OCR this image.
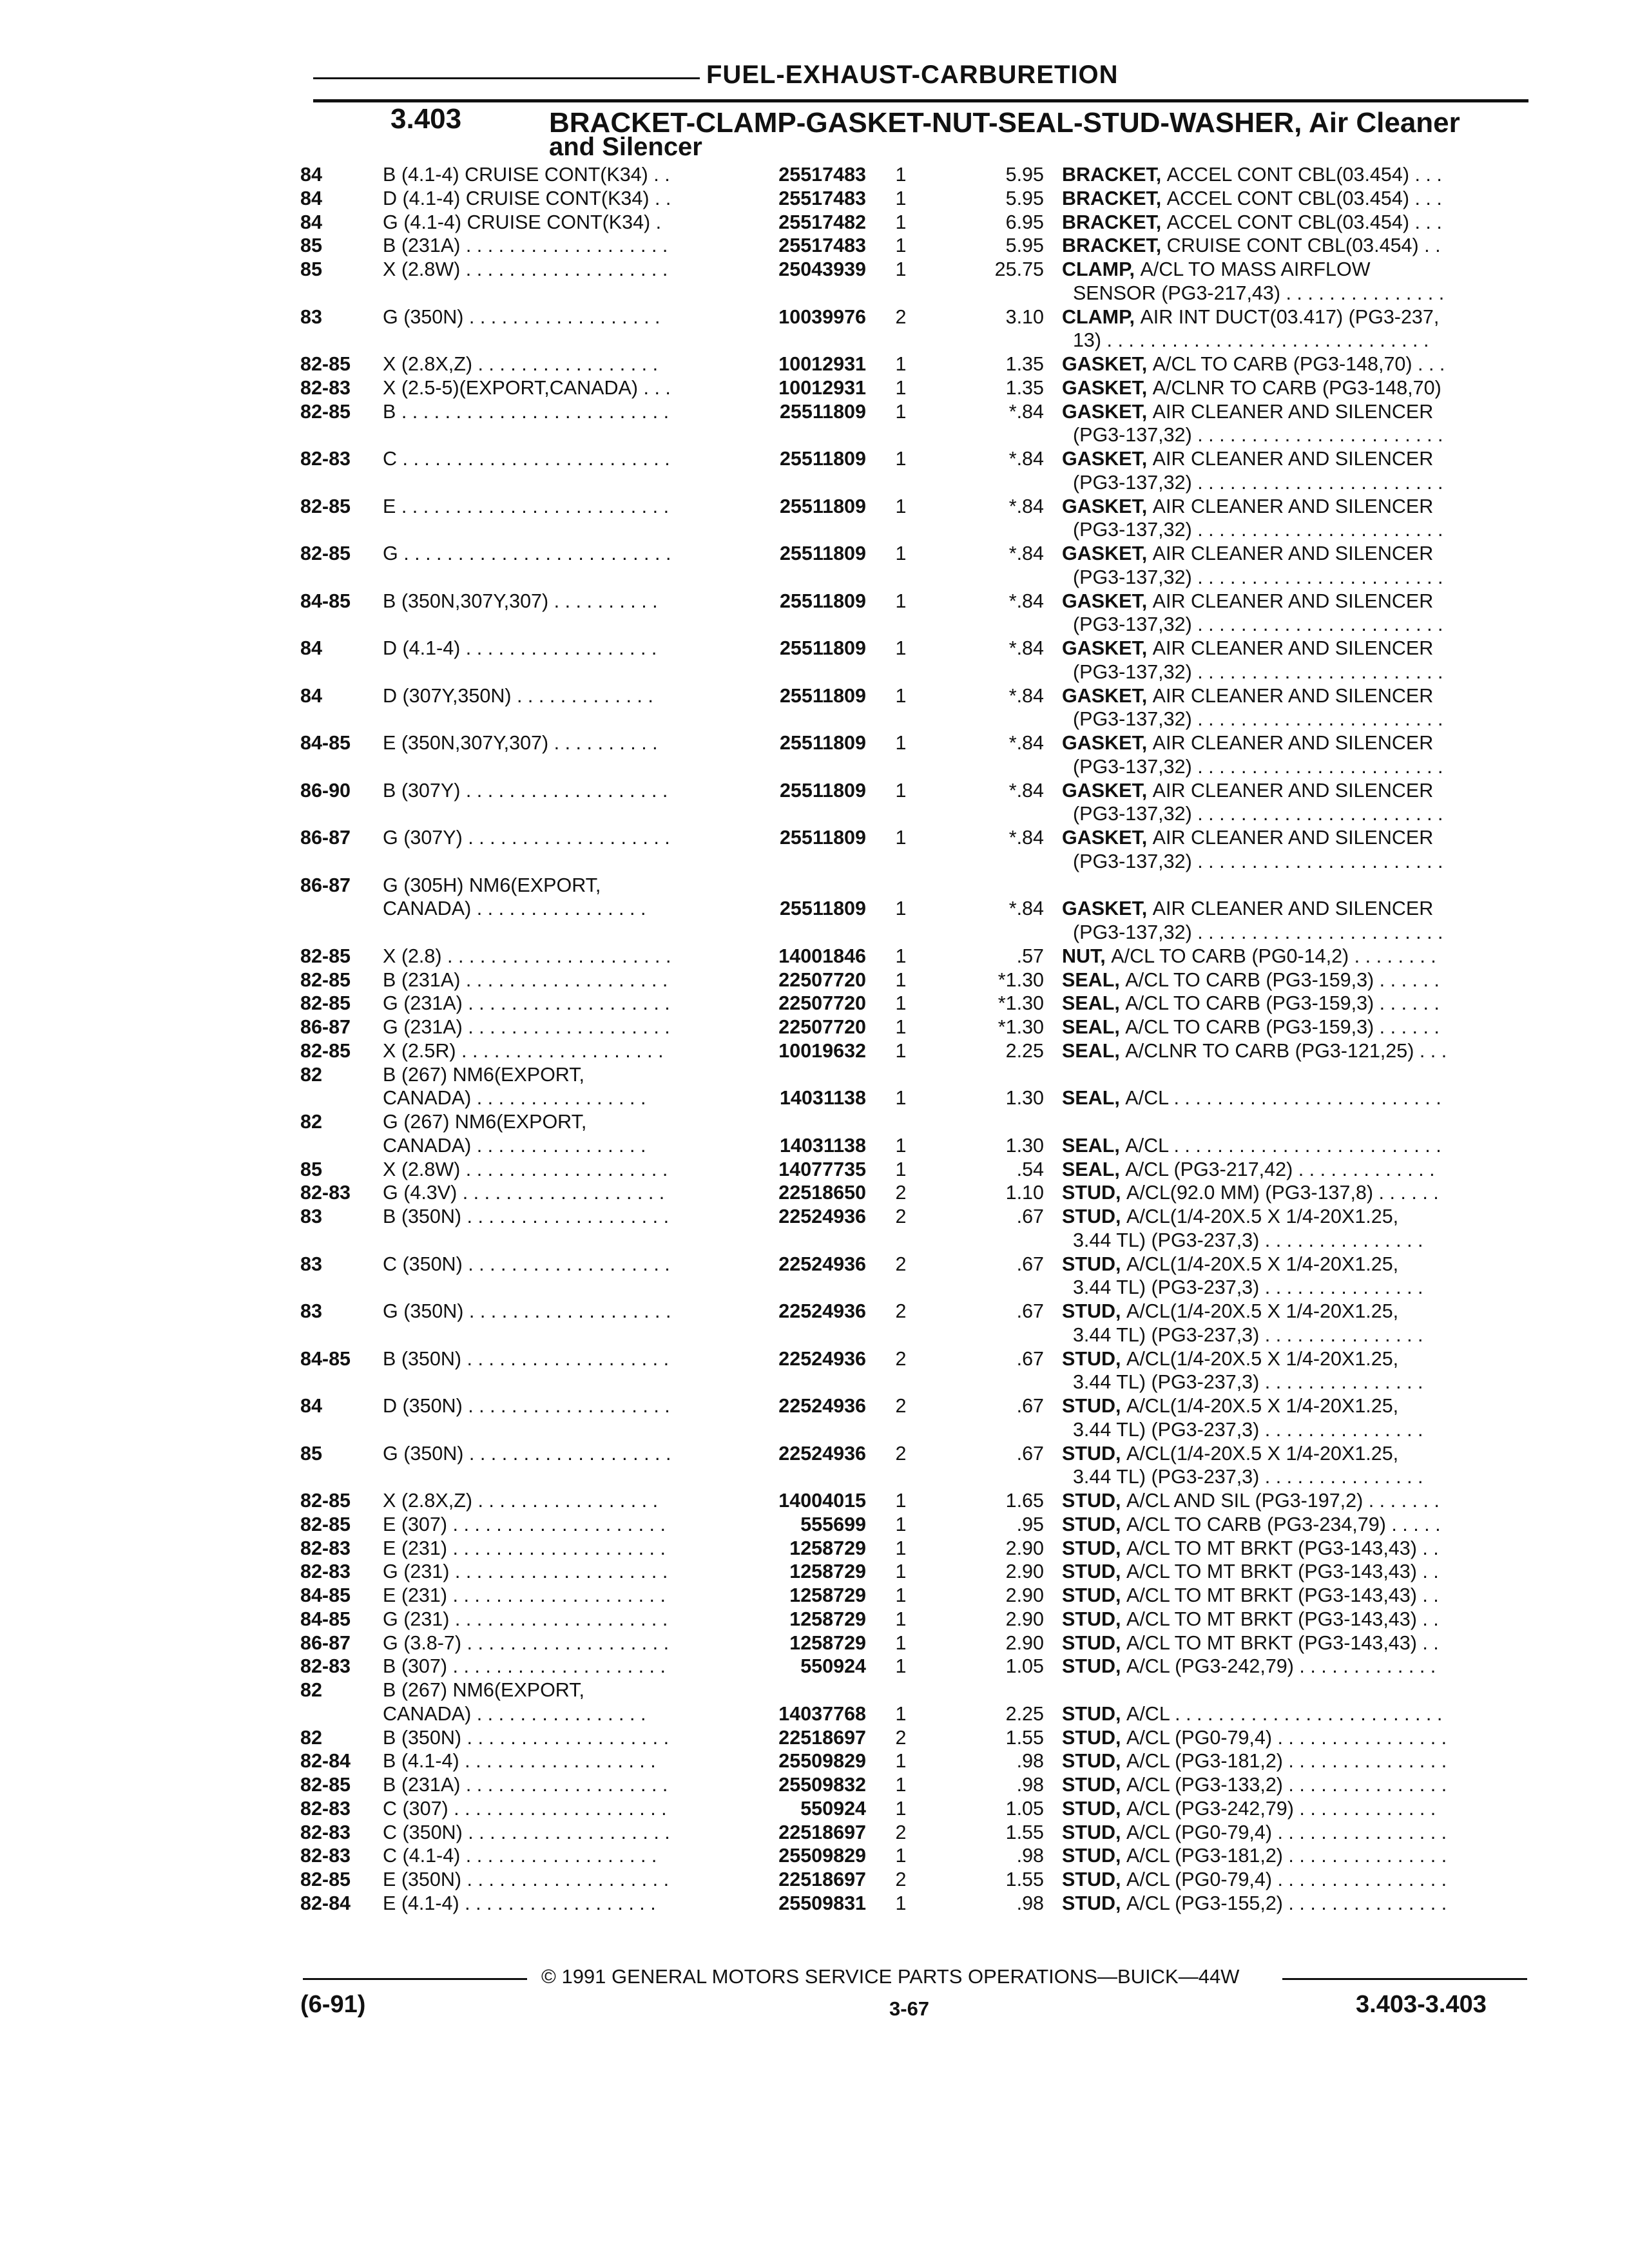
FUEL-EXHAUST-CARBURETION
3.403	BRACKET-CLAMP-GASKET-NUT-SEAL-STUD-WASHER, Air Cleaner
and Silencer
84	B (4.1-4) CRUISE CONT(K34) . .	25517483	1	5.95 BRACKET, ACCEL CONT CBL(03.454) . . .
84	D (4.1-4) CRUISE CONT(K34) . .	25517483	1	5.95 BRACKET, ACCEL CONT CBL(03.454) . . .
84	G (4.1-4) CRUISE CONT(K34) .	25517482	1	6.95 BRACKET, ACCEL CONT CBL(03.454) . . .
85	B (231A) . . . . . . . . . . . . . . . . . . .	25517483	1	5.95 BRACKET, CRUISE CONT CBL(03.454) . .
85	X (2.8W) . . . . . . . . . . . . . . . . . . .	25043939	1	25.75 CLAMP, A/CL TO MASS AIRFLOW
SENSOR (PG3-217,43) . . . . . . . . . . . . . . .
83	G (350N) . . . . . . . . . . . . . . . . . .	10039976	2	3.10 CLAMP, AIR INT DUCT(03.417) (PG3-237,
13) . . . . . . . . . . . . . . . . . . . . . . . . . . . . . .
82-85 X (2.8X,Z) . . . . . . . . . . . . . . . . .	10012931	1	1.35 GASKET, A/CL TO CARB (PG3-148,70) . . .
82-83 X (2.5-5)(EXPORT,CANADA) . . .	10012931	1	1.35 GASKET, A/CLNR TO CARB (PG3-148,70)
82-85 B . . . . . . . . . . . . . . . . . . . . . . . . .	25511809	1	*.84 GASKET, AIR CLEANER AND SILENCER
(PG3-137,32) . . . . . . . . . . . . . . . . . . . . . . .
82-83 C . . . . . . . . . . . . . . . . . . . . . . . . .	25511809	1	*.84 GASKET, AIR CLEANER AND SILENCER
(PG3-137,32) . . . . . . . . . . . . . . . . . . . . . . .
82-85 E . . . . . . . . . . . . . . . . . . . . . . . . .	25511809	1	*.84 GASKET, AIR CLEANER AND SILENCER
(PG3-137,32) . . . . . . . . . . . . . . . . . . . . . . .
82-85 G . . . . . . . . . . . . . . . . . . . . . . . . .	25511809	1	*.84 GASKET, AIR CLEANER AND SILENCER
(PG3-137,32) . . . . . . . . . . . . . . . . . . . . . . .
84-85 B (350N,307Y,307) . . . . . . . . . .	25511809	1	*.84 GASKET, AIR CLEANER AND SILENCER
(PG3-137,32) . . . . . . . . . . . . . . . . . . . . . . .
84	D (4.1-4) . . . . . . . . . . . . . . . . . .	25511809	1	*.84 GASKET, AIR CLEANER AND SILENCER
(PG3-137,32) . . . . . . . . . . . . . . . . . . . . . . .
84	D (307Y,350N) . . . . . . . . . . . . .	25511809	1	*.84 GASKET, AIR CLEANER AND SILENCER
(PG3-137,32) . . . . . . . . . . . . . . . . . . . . . . .
84-85 E (350N,307Y,307) . . . . . . . . . .	25511809	1	*.84 GASKET, AIR CLEANER AND SILENCER
(PG3-137,32) . . . . . . . . . . . . . . . . . . . . . . .
86-90 B (307Y) . . . . . . . . . . . . . . . . . . .	25511809	1	*.84 GASKET, AIR CLEANER AND SILENCER
(PG3-137,32) . . . . . . . . . . . . . . . . . . . . . . .
86-87 G (307Y) . . . . . . . . . . . . . . . . . . .	25511809	1	*.84 GASKET, AIR CLEANER AND SILENCER
(PG3-137,32) . . . . . . . . . . . . . . . . . . . . . . .
86-87 G (305H) NM6(EXPORT,

CANADA) . . . . . . . . . . . . . . . .	25511809	1	*.84 GASKET, AIR CLEANER AND SILENCER
(PG3-137,32) . . . . . . . . . . . . . . . . . . . . . . .
82-85 X (2.8) . . . . . . . . . . . . . . . . . . . . .	14001846	1	.57 NUT, A/CL TO CARB (PG0-14,2) . . . . . . . .
82-85 B (231A) . . . . . . . . . . . . . . . . . . .	22507720	1	*1.30 SEAL, A/CL TO CARB (PG3-159,3) . . . . . .
82-85 G (231A) . . . . . . . . . . . . . . . . . . .	22507720	1	*1.30 SEAL, A/CL TO CARB (PG3-159,3) . . . . . .
86-87 G (231A) . . . . . . . . . . . . . . . . . . .	22507720	1	*1.30 SEAL, A/CL TO CARB (PG3-159,3) . . . . . .
82-85 X (2.5R) . . . . . . . . . . . . . . . . . . .	10019632	1	2.25 SEAL, A/CLNR TO CARB (PG3-121,25) . . .
82	B (267) NM6(EXPORT,

CANADA) . . . . . . . . . . . . . . . .	14031138	1	1.30 SEAL, A/CL . . . . . . . . . . . . . . . . . . . . . . . . .
82	G (267) NM6(EXPORT,

CANADA) . . . . . . . . . . . . . . . .	14031138	1	1.30 SEAL, A/CL . . . . . . . . . . . . . . . . . . . . . . . . .
85	X (2.8W) . . . . . . . . . . . . . . . . . . .	14077735	1	.54 SEAL, A/CL (PG3-217,42) . . . . . . . . . . . . .
82-83 G (4.3V) . . . . . . . . . . . . . . . . . . .	22518650	2	1.10 STUD, A/CL(92.0 MM) (PG3-137,8) . . . . . .
83	B (350N) . . . . . . . . . . . . . . . . . . .	22524936	2	.67 STUD, A/CL(1/4-20X.5 X 1/4-20X1.25,
3.44 TL) (PG3-237,3) . . . . . . . . . . . . . . .
83	C (350N) . . . . . . . . . . . . . . . . . . .	22524936	2	.67 STUD, A/CL(1/4-20X.5 X 1/4-20X1.25,
3.44 TL) (PG3-237,3) . . . . . . . . . . . . . . .
83	G (350N) . . . . . . . . . . . . . . . . . . .	22524936	2	.67 STUD, A/CL(1/4-20X.5 X 1/4-20X1.25,
3.44 TL) (PG3-237,3) . . . . . . . . . . . . . . .
84-85 B (350N) . . . . . . . . . . . . . . . . . . .	22524936	2	.67 STUD, A/CL(1/4-20X.5 X 1/4-20X1.25,
3.44 TL) (PG3-237,3) . . . . . . . . . . . . . . .
84	D (350N) . . . . . . . . . . . . . . . . . . .	22524936	2	.67 STUD, A/CL(1/4-20X.5 X 1/4-20X1.25,
3.44 TL) (PG3-237,3) . . . . . . . . . . . . . . .
85	G (350N) . . . . . . . . . . . . . . . . . . .	22524936	2	.67 STUD, A/CL(1/4-20X.5 X 1/4-20X1.25,
3.44 TL) (PG3-237,3) . . . . . . . . . . . . . . .
82-85 X (2.8X,Z) . . . . . . . . . . . . . . . . .	14004015	1	1.65 STUD, A/CL AND SIL (PG3-197,2) . . . . . . .
82-85 E (307) . . . . . . . . . . . . . . . . . . . .	555699	1	.95 STUD, A/CL TO CARB (PG3-234,79) . . . . .
82-83 E (231) . . . . . . . . . . . . . . . . . . . .	1258729	1	2.90 STUD, A/CL TO MT BRKT (PG3-143,43) . .
82-83 G (231) . . . . . . . . . . . . . . . . . . . .	1258729	1	2.90 STUD, A/CL TO MT BRKT (PG3-143,43) . .
84-85 E (231) . . . . . . . . . . . . . . . . . . . .	1258729	1	2.90 STUD, A/CL TO MT BRKT (PG3-143,43) . .
84-85 G (231) . . . . . . . . . . . . . . . . . . . .	1258729	1	2.90 STUD, A/CL TO MT BRKT (PG3-143,43) . .
86-87 G (3.8-7) . . . . . . . . . . . . . . . . . . .	1258729	1	2.90 STUD, A/CL TO MT BRKT (PG3-143,43) . .
82-83 B (307) . . . . . . . . . . . . . . . . . . . .	550924	1	1.05 STUD, A/CL (PG3-242,79) . . . . . . . . . . . . .
82	B (267) NM6(EXPORT,

CANADA) . . . . . . . . . . . . . . . .	14037768	1	2.25 STUD, A/CL . . . . . . . . . . . . . . . . . . . . . . . . .
82	B (350N) . . . . . . . . . . . . . . . . . . .	22518697	2	1.55 STUD, A/CL (PG0-79,4) . . . . . . . . . . . . . . . .
82-84 B (4.1-4) . . . . . . . . . . . . . . . . . .	25509829	1	.98 STUD, A/CL (PG3-181,2) . . . . . . . . . . . . . . .
82-85 B (231A) . . . . . . . . . . . . . . . . . . .	25509832	1	.98 STUD, A/CL (PG3-133,2) . . . . . . . . . . . . . . .
82-83 C (307) . . . . . . . . . . . . . . . . . . . .	550924	1	1.05 STUD, A/CL (PG3-242,79) . . . . . . . . . . . . .
82-83 C (350N) . . . . . . . . . . . . . . . . . . .	22518697	2	1.55 STUD, A/CL (PG0-79,4) . . . . . . . . . . . . . . . .
82-83 C (4.1-4) . . . . . . . . . . . . . . . . . .	25509829	1	.98 STUD, A/CL (PG3-181,2) . . . . . . . . . . . . . . .
82-85 E (350N) . . . . . . . . . . . . . . . . . . .	22518697	2	1.55 STUD, A/CL (PG0-79,4) . . . . . . . . . . . . . . . .
82-84 E (4.1-4) . . . . . . . . . . . . . . . . . .	25509831	1	.98 STUD, A/CL (PG3-155,2) . . . . . . . . . . . . . . .
© 1991 GENERAL MOTORS SERVICE PARTS OPERATIONS—BUICK—44W
(6-91)	3-67	3.403-3.403
